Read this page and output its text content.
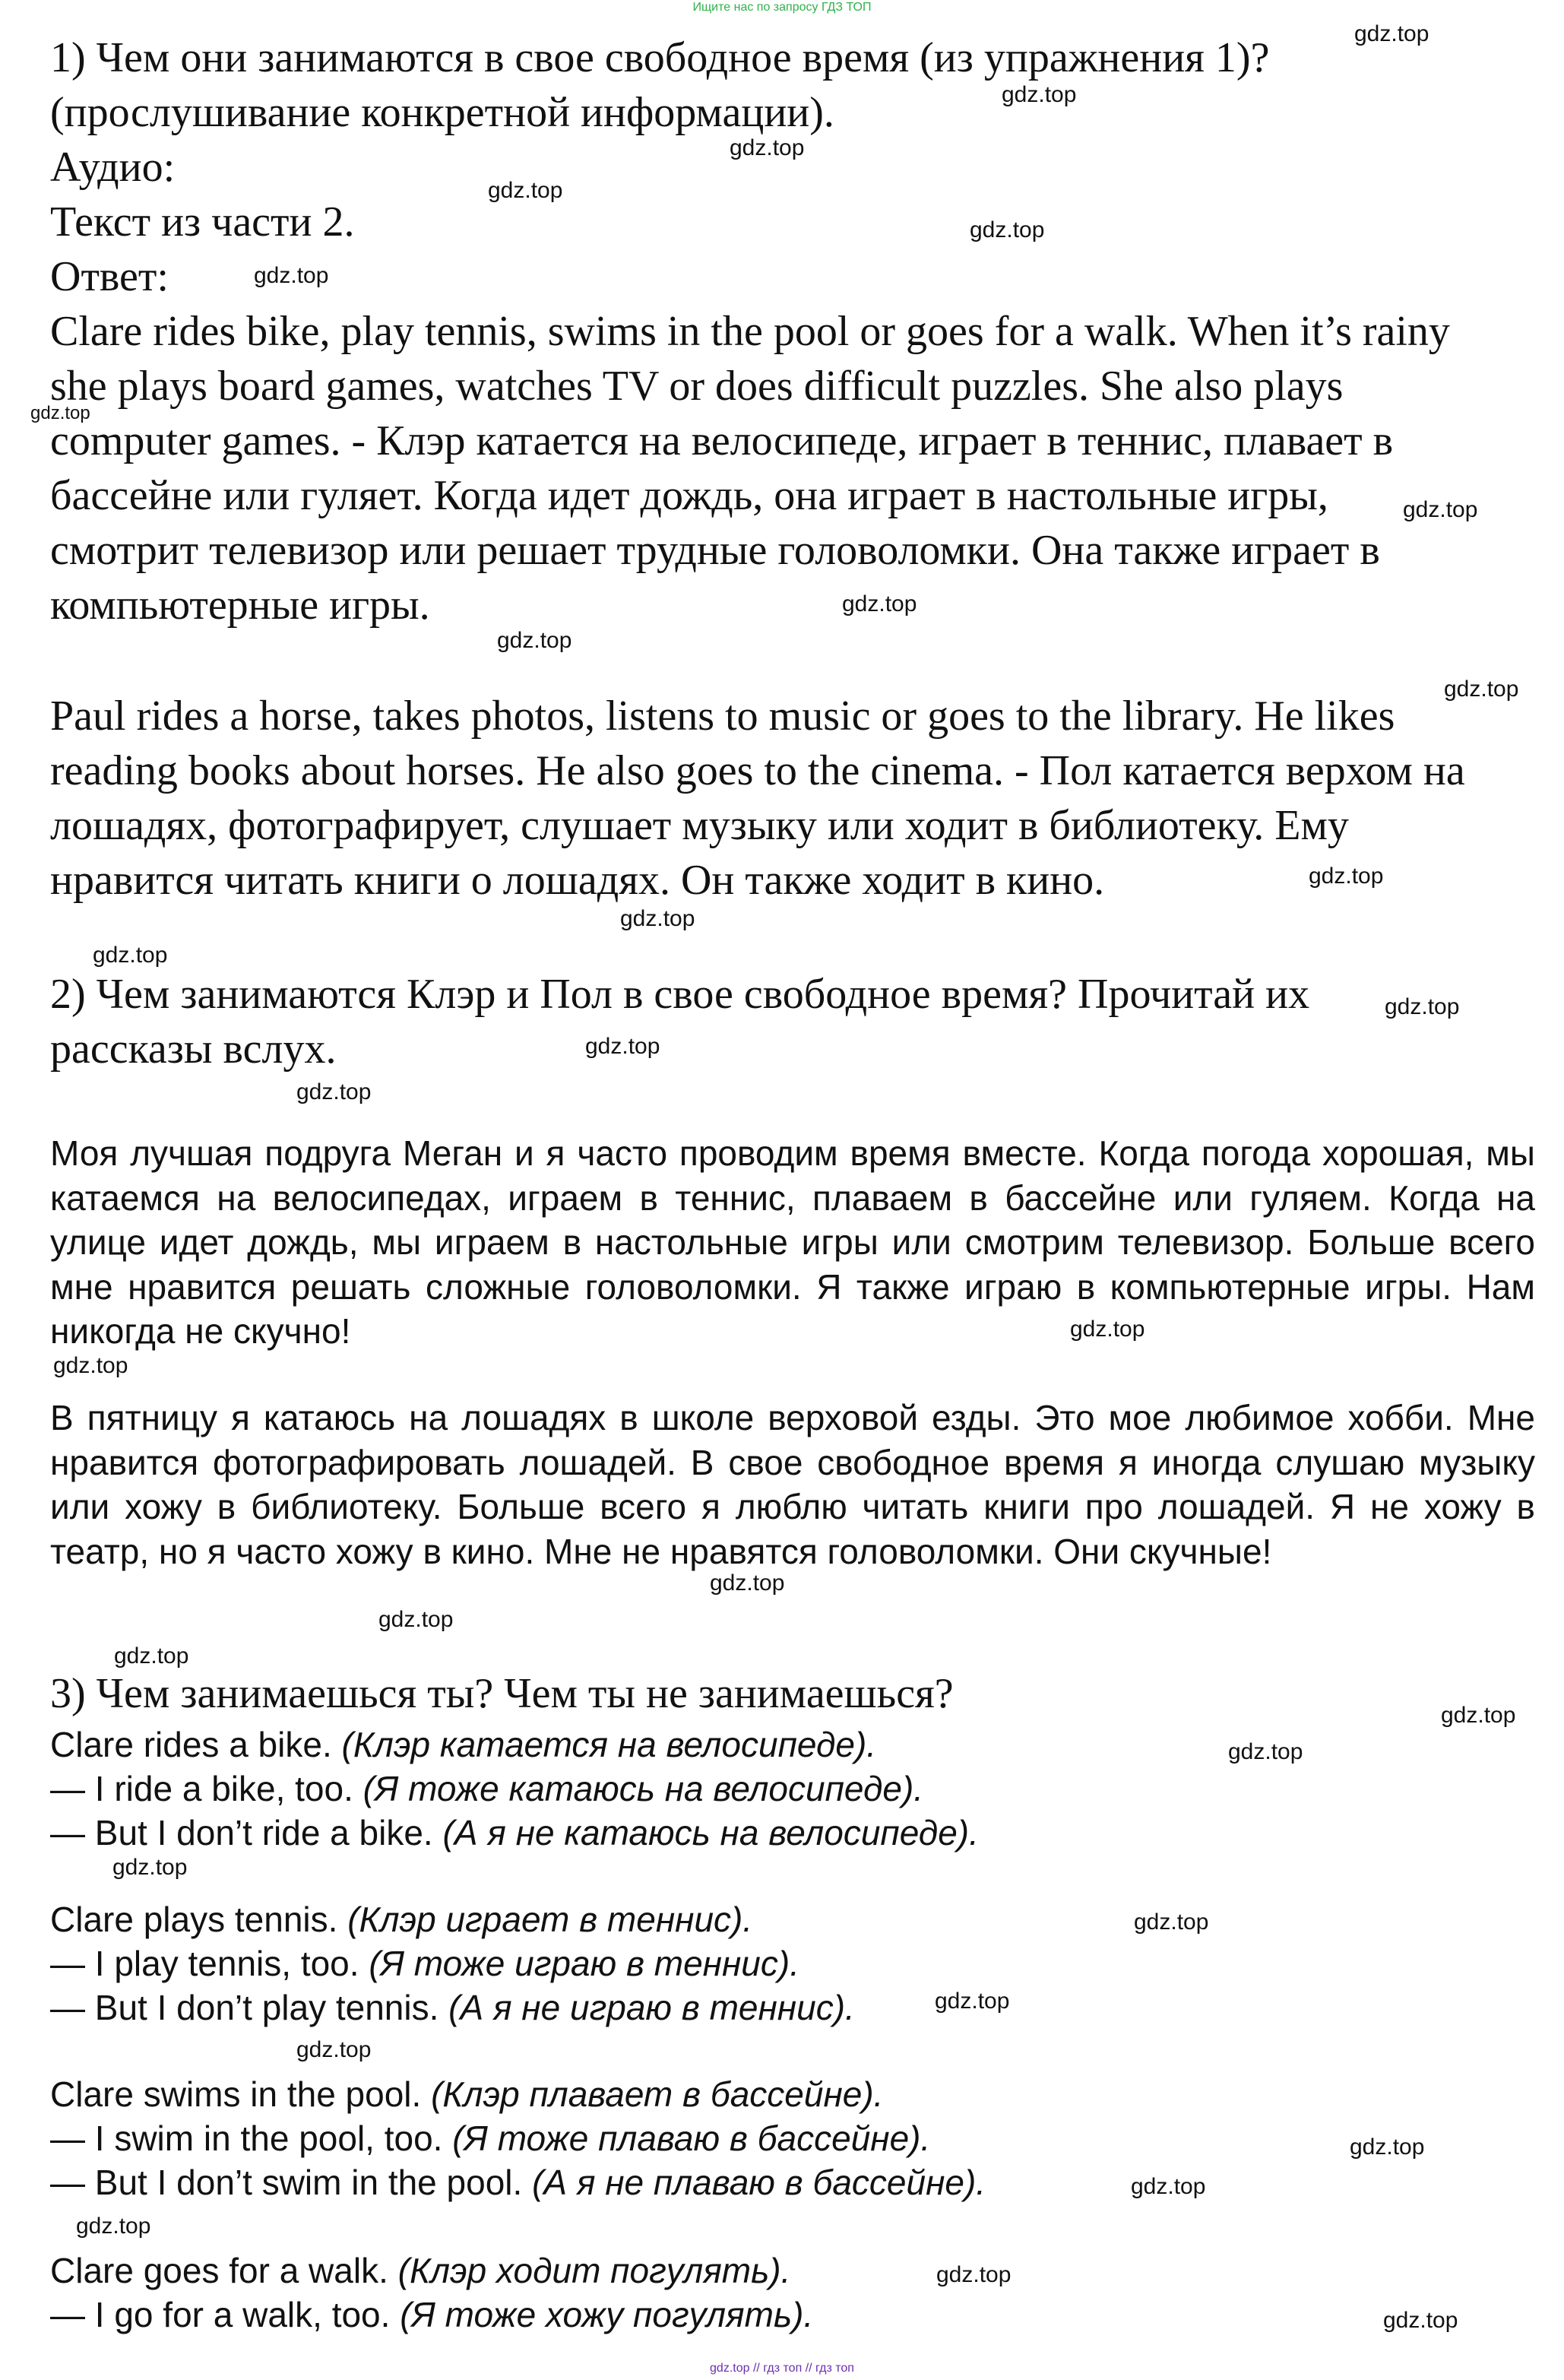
Ищите нас по запросу ГДЗ ТОП
1) Чем они занимаются в свое свободное время (из упражнения 1)?
(прослушивание конкретной информации).
Аудио:
Текст из части 2.
Ответ:
Clare rides bike, play tennis, swims in the pool or goes for a walk. When it’s rainy
she plays board games, watches TV or does difficult puzzles. She also plays
computer games. - Клэр катается на велосипеде, играет в теннис, плавает в
бассейне или гуляет. Когда идет дождь, она играет в настольные игры,
смотрит телевизор или решает трудные головоломки. Она также играет в
компьютерные игры.
Paul rides a horse, takes photos, listens to music or goes to the library. He likes
reading books about horses. He also goes to the cinema. - Пол катается верхом на
лошадях, фотографирует, слушает музыку или ходит в библиотеку. Ему
нравится читать книги о лошадях. Он также ходит в кино.
2) Чем занимаются Клэр и Пол в свое свободное время? Прочитай их
рассказы вслух.

Моя лучшая подруга Меган и я часто проводим время вместе. Когда погода хорошая, мы катаемся на велосипедах, играем в теннис, плаваем в бассейне или гуляем. Когда на улице идет дождь, мы играем в настольные игры или смотрим телевизор. Больше всего мне нравится решать сложные головоломки. Я также играю в компьютерные игры. Нам никогда не скучно!

В пятницу я катаюсь на лошадях в школе верховой езды. Это мое любимое хобби. Мне нравится фотографировать лошадей. В свое свободное время я иногда слушаю музыку или хожу в библиотеку. Больше всего я люблю читать книги про лошадей. Я не хожу в театр, но я часто хожу в кино. Мне не нравятся головоломки. Они скучные!

3) Чем занимаешься ты? Чем ты не занимаешься?
Clare rides a bike. (Клэр катается на велосипеде).
— I ride a bike, too. (Я тоже катаюсь на велосипеде).
— But I don’t ride a bike. (А я не катаюсь на велосипеде).
Clare plays tennis. (Клэр играет в теннис).
— I play tennis, too. (Я тоже играю в теннис).
— But I don’t play tennis. (А я не играю в теннис).
Clare swims in the pool. (Клэр плавает в бассейне).
— I swim in the pool, too. (Я тоже плаваю в бассейне).
— But I don’t swim in the pool. (А я не плаваю в бассейне).
Clare goes for a walk. (Клэр ходит погулять).
— I go for a walk, too. (Я тоже хожу погулять).
gdz.top
gdz.top
gdz.top
gdz.top
gdz.top
gdz.top
gdz.top
gdz.top
gdz.top
gdz.top
gdz.top
gdz.top
gdz.top
gdz.top
gdz.top
gdz.top
gdz.top
gdz.top
gdz.top
gdz.top
gdz.top
gdz.top
gdz.top
gdz.top
gdz.top
gdz.top
gdz.top
gdz.top
gdz.top
gdz.top
gdz.top
gdz.top
gdz.top
gdz.top // гдз топ // гдз топ
